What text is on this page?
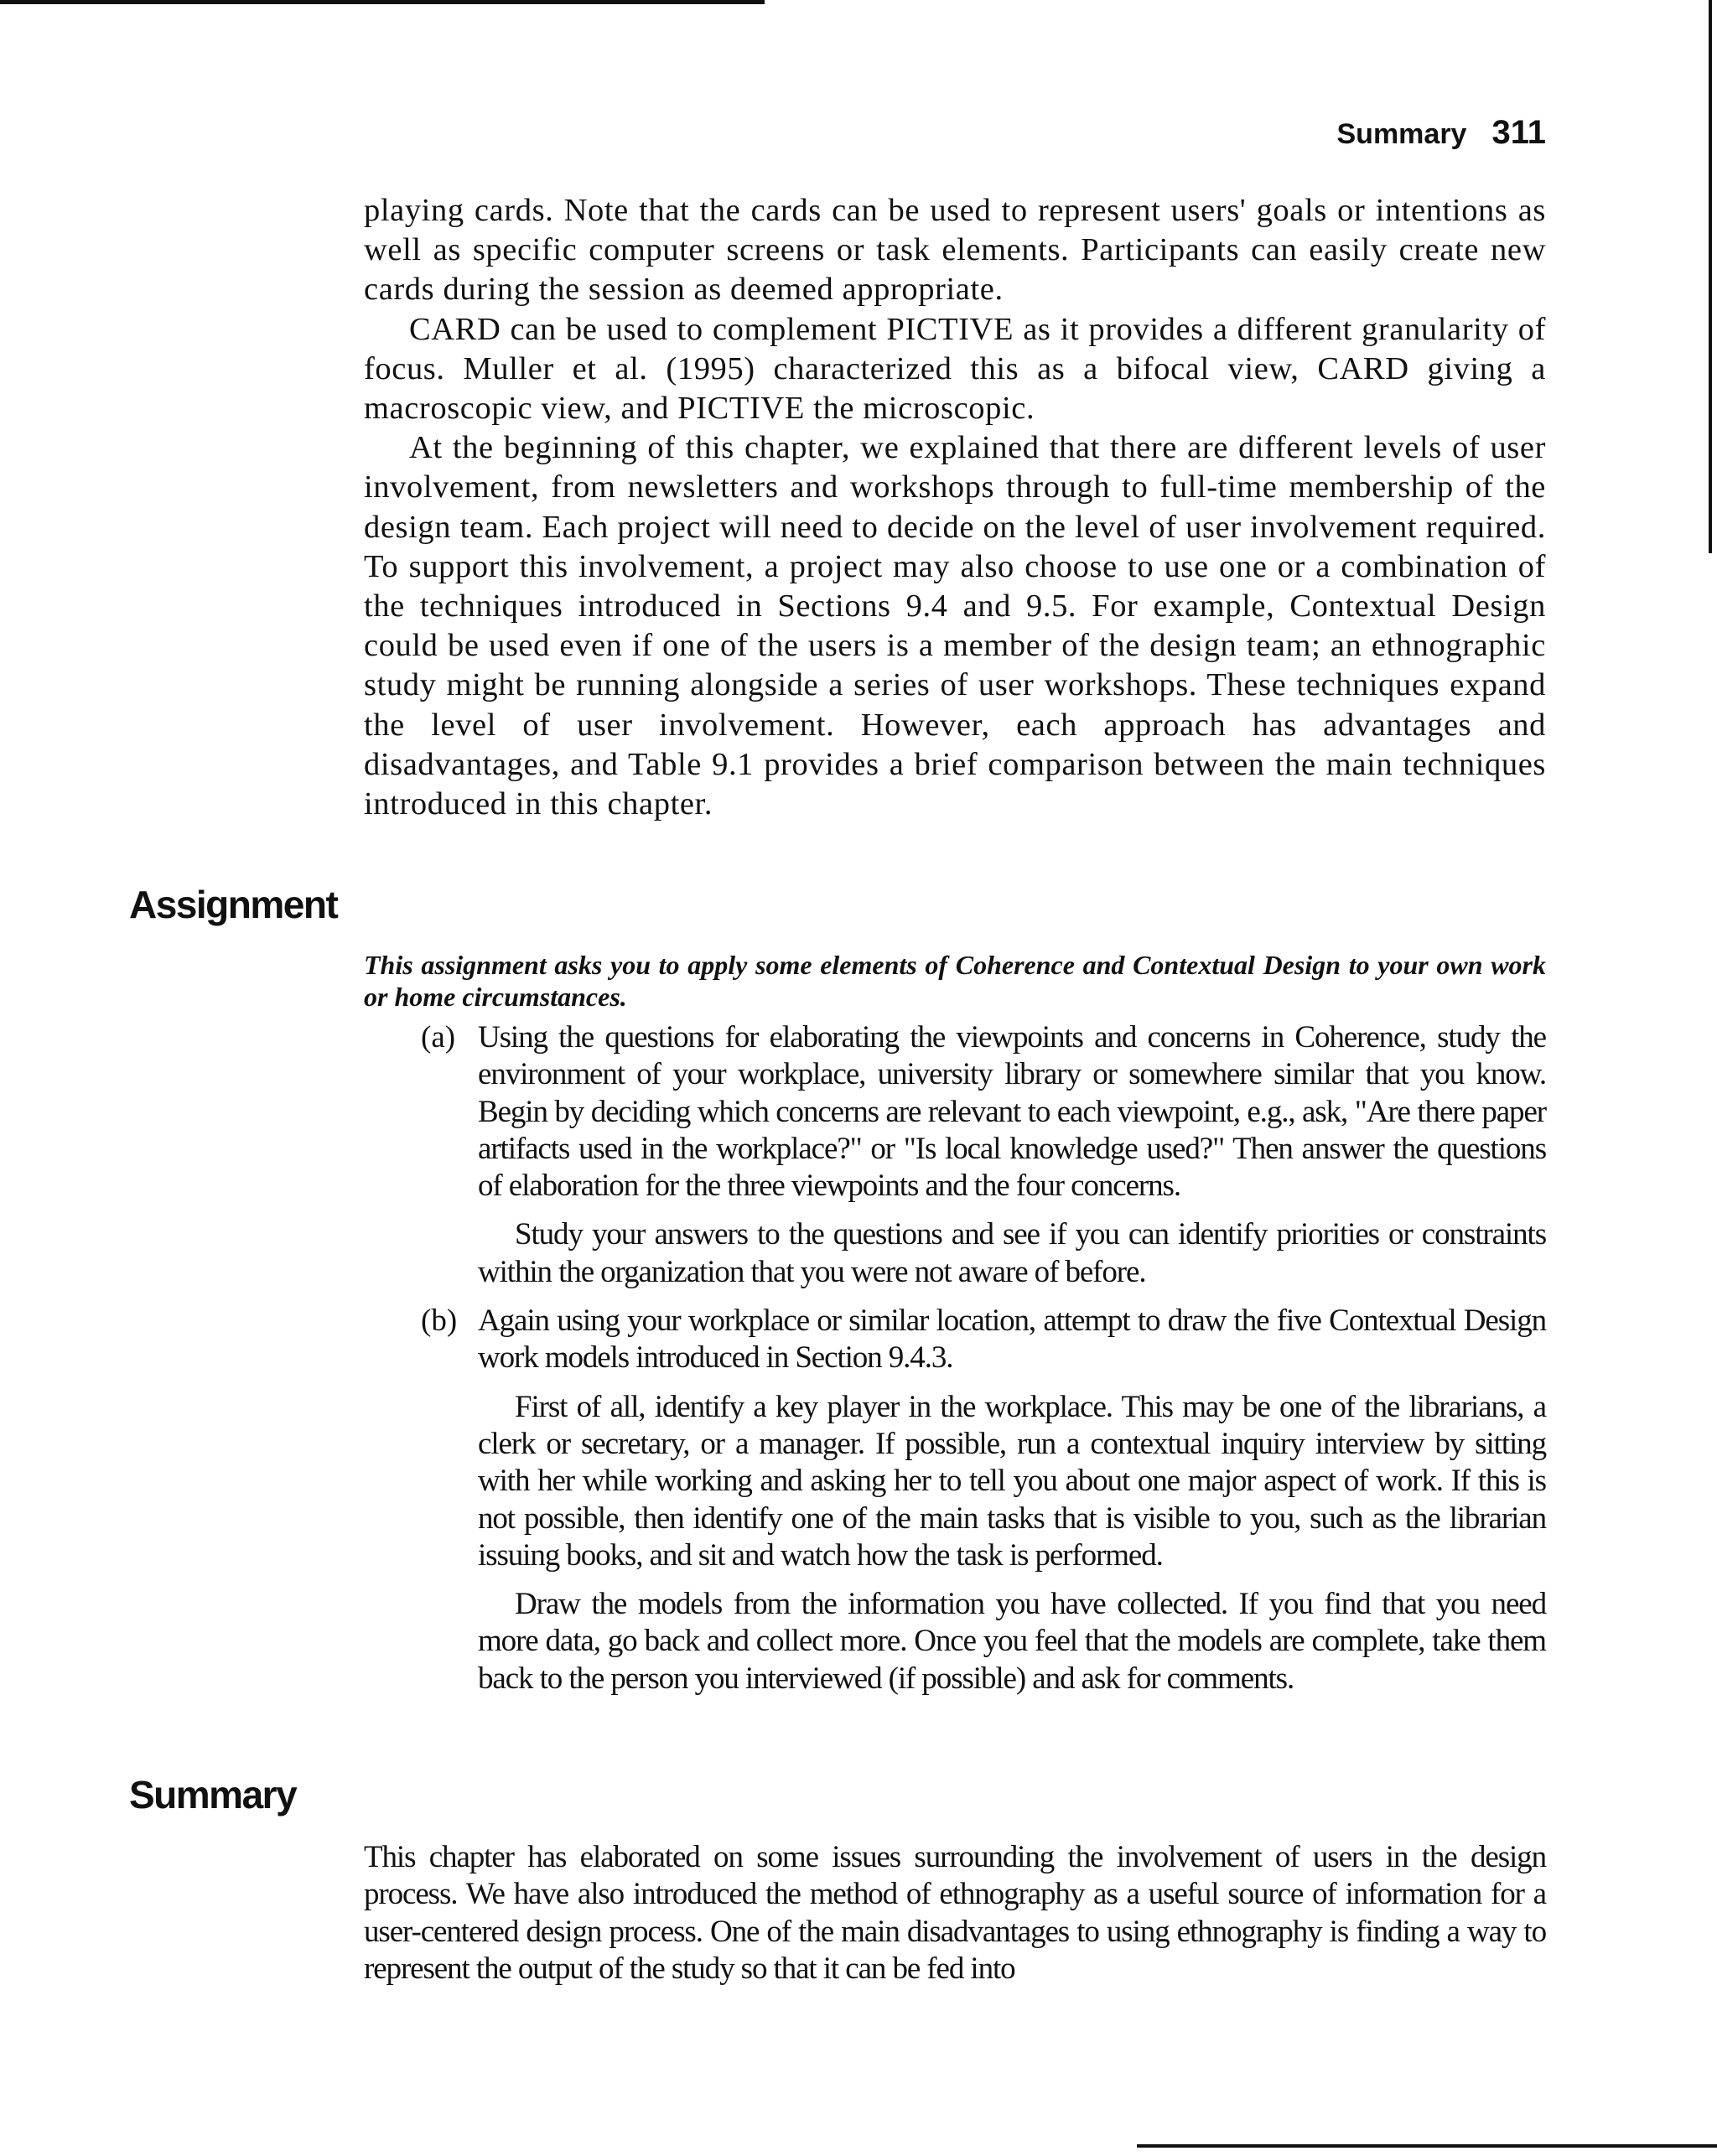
Summary 311

playing cards. Note that the cards can be used to represent users' goals or intentions as well as specific computer screens or task elements. Participants can easily create new cards during the session as deemed appropriate.

CARD can be used to complement PICTIVE as it provides a different granularity of focus. Muller et al. (1995) characterized this as a bifocal view, CARD giving a macroscopic view, and PICTIVE the microscopic.

At the beginning of this chapter, we explained that there are different levels of user involvement, from newsletters and workshops through to full-time membership of the design team. Each project will need to decide on the level of user involvement required. To support this involvement, a project may also choose to use one or a combination of the techniques introduced in Sections 9.4 and 9.5. For example, Contextual Design could be used even if one of the users is a member of the design team; an ethnographic study might be running alongside a series of user workshops. These techniques expand the level of user involvement. However, each approach has advantages and disadvantages, and Table 9.1 provides a brief comparison between the main techniques introduced in this chapter.

Assignment

This assignment asks you to apply some elements of Coherence and Contextual Design to your own work or home circumstances.

(a) Using the questions for elaborating the viewpoints and concerns in Coherence, study the environment of your workplace, university library or somewhere similar that you know. Begin by deciding which concerns are relevant to each viewpoint, e.g., ask, "Are there paper artifacts used in the workplace?" or "Is local knowledge used?" Then answer the questions of elaboration for the three viewpoints and the four concerns.

Study your answers to the questions and see if you can identify priorities or constraints within the organization that you were not aware of before.

(b) Again using your workplace or similar location, attempt to draw the five Contextual Design work models introduced in Section 9.4.3.

First of all, identify a key player in the workplace. This may be one of the librarians, a clerk or secretary, or a manager. If possible, run a contextual inquiry interview by sitting with her while working and asking her to tell you about one major aspect of work. If this is not possible, then identify one of the main tasks that is visible to you, such as the librarian issuing books, and sit and watch how the task is performed.

Draw the models from the information you have collected. If you find that you need more data, go back and collect more. Once you feel that the models are complete, take them back to the person you interviewed (if possible) and ask for comments.

Summary

This chapter has elaborated on some issues surrounding the involvement of users in the design process. We have also introduced the method of ethnography as a useful source of information for a user-centered design process. One of the main disadvantages to using ethnography is finding a way to represent the output of the study so that it can be fed into
